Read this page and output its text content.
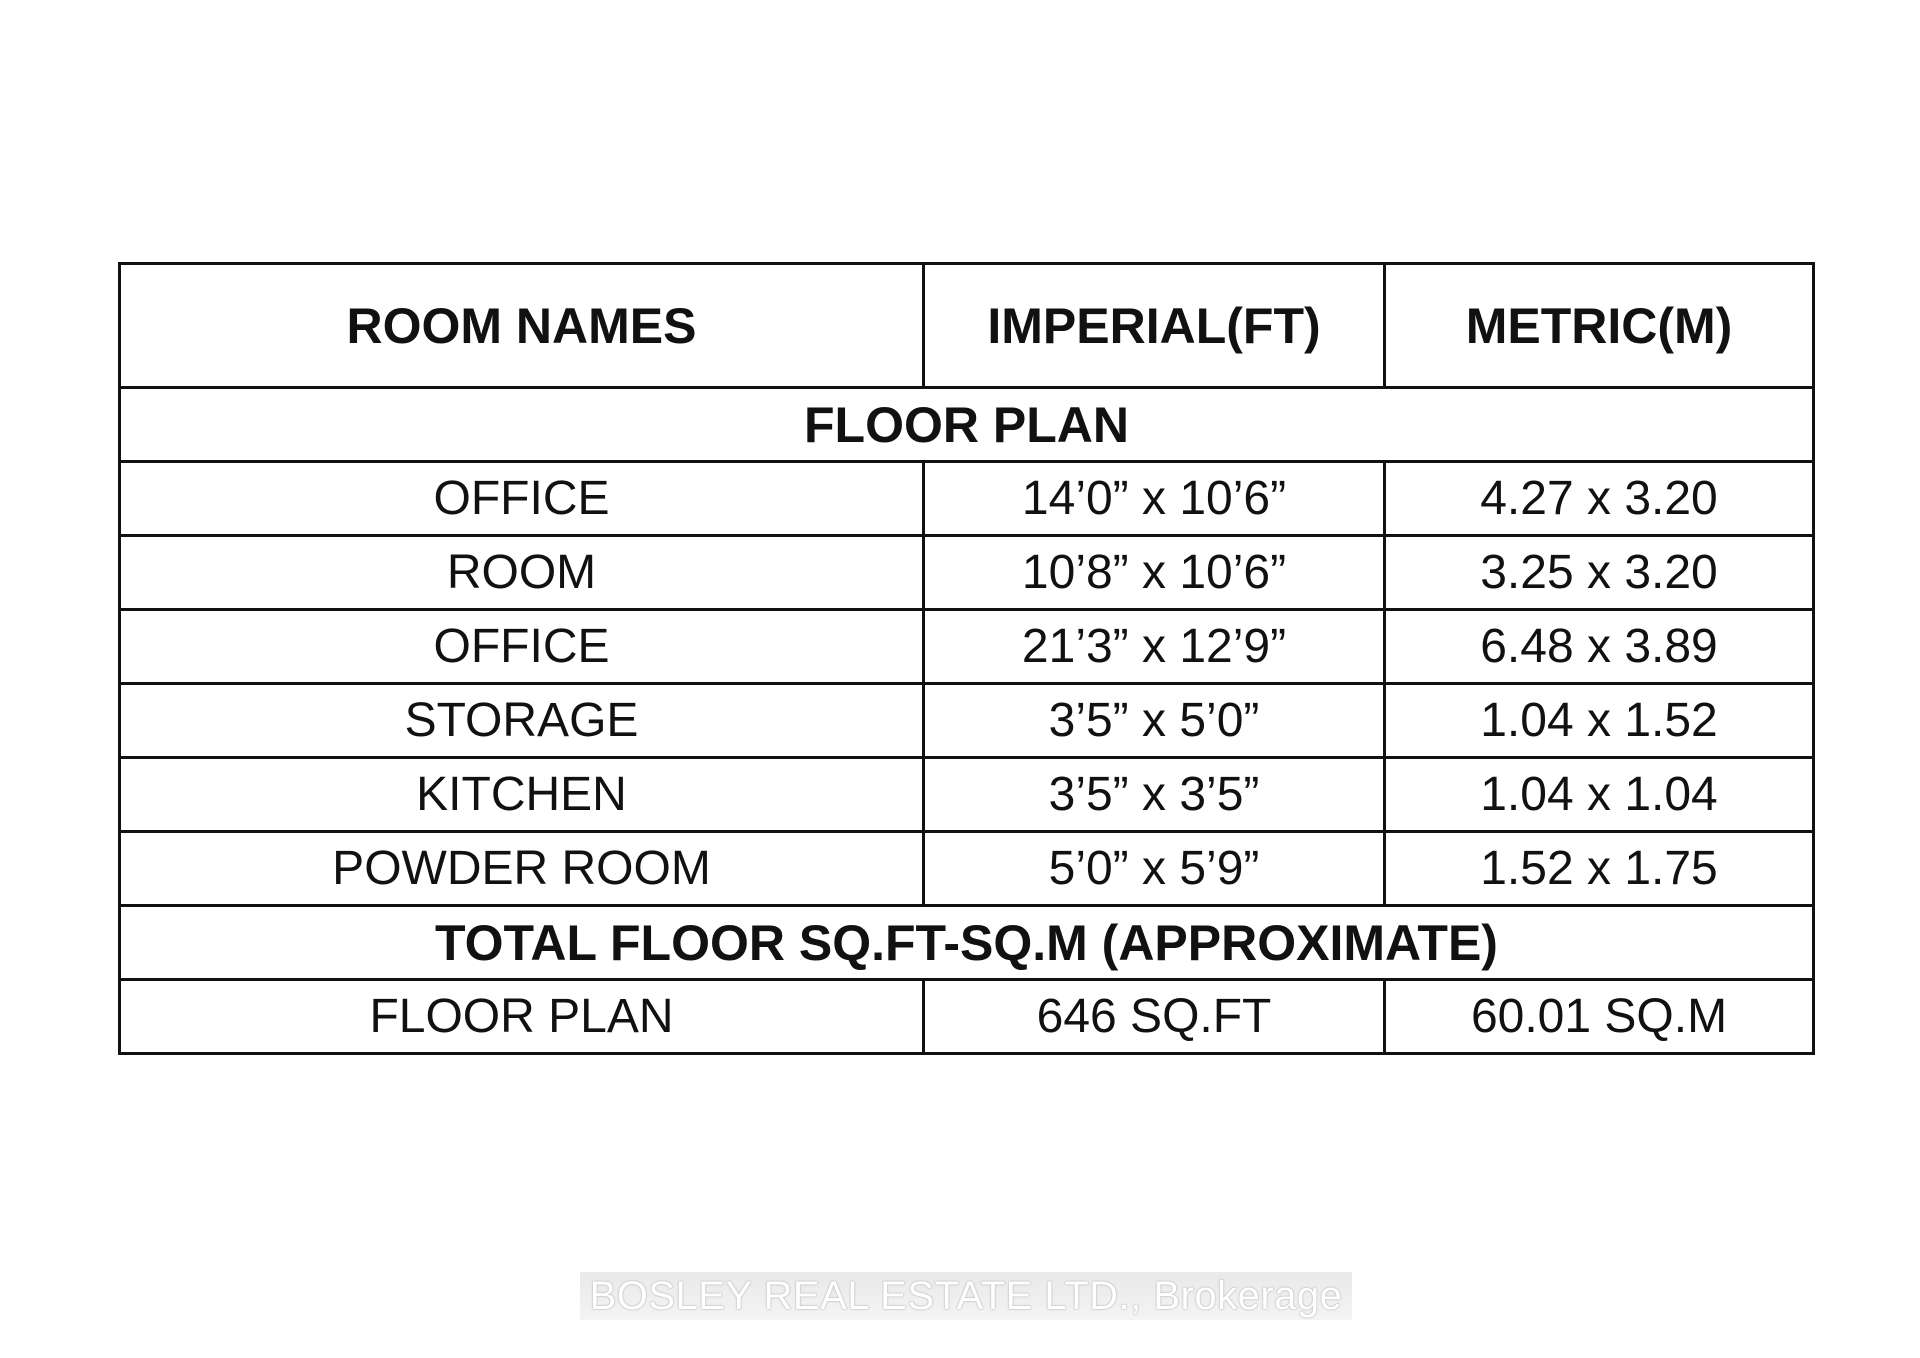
ROOM NAMES	IMPERIAL(FT)	METRIC(M)
FLOOR PLAN		
OFFICE	14’0” x 10’6”	4.27 x 3.20
ROOM	10’8” x 10’6”	3.25 x 3.20
OFFICE	21’3” x 12’9”	6.48 x 3.89
STORAGE	3’5” x 5’0”	1.04 x 1.52
KITCHEN	3’5” x 3’5”	1.04 x 1.04
POWDER ROOM	5’0” x 5’9”	1.52 x 1.75
TOTAL FLOOR SQ.FT-SQ.M (APPROXIMATE)		
FLOOR PLAN	646 SQ.FT	60.01 SQ.M
BOSLEY REAL ESTATE LTD., Brokerage
